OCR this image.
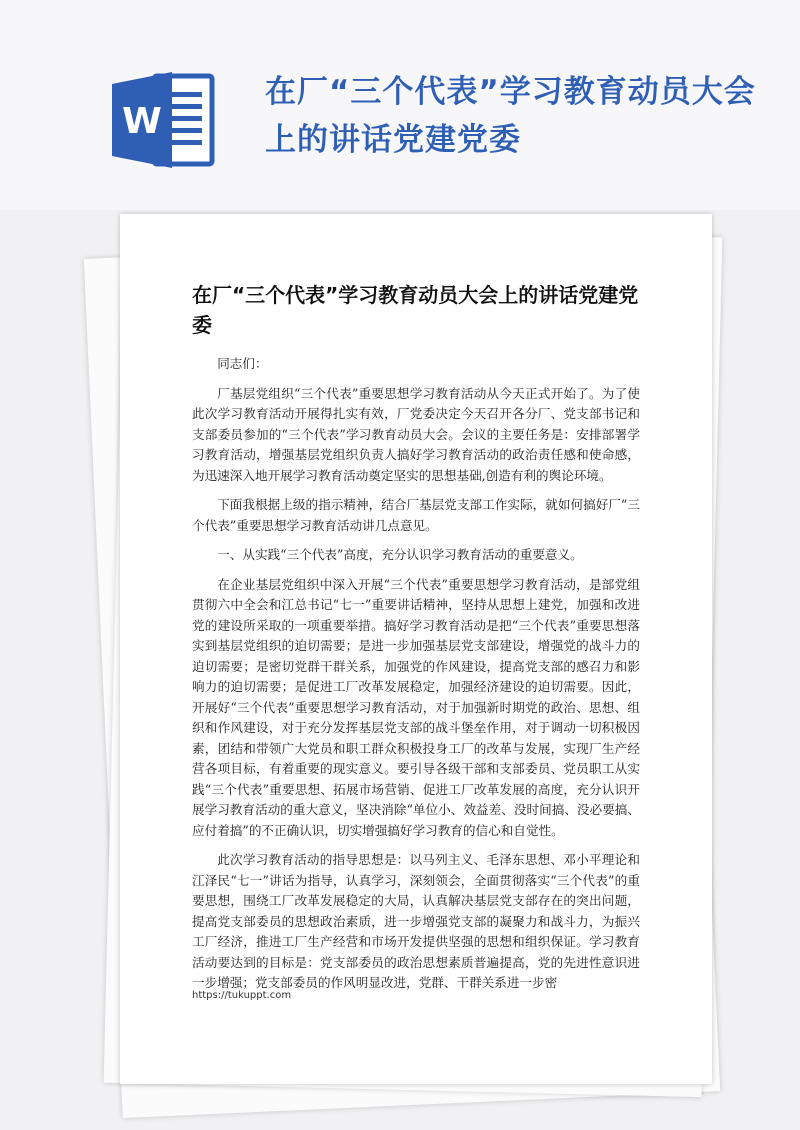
W
在厂“三个代表”学习教育动员大会上的讲话党建党委
在厂“三个代表”学习教育动员大会上的讲话党建党委

同志们：

厂基层党组织“三个代表”重要思想学习教育活动从今天正式开始了。为了使此次学习教育活动开展得扎实有效，厂党委决定今天召开各分厂、党支部书记和支部委员参加的“三个代表”学习教育动员大会。会议的主要任务是：安排部署学习教育活动，增强基层党组织负责人搞好学习教育活动的政治责任感和使命感，为迅速深入地开展学习教育活动奠定坚实的思想基础,创造有利的舆论环境。

下面我根据上级的指示精神，结合厂基层党支部工作实际，就如何搞好厂“三个代表”重要思想学习教育活动讲几点意见。

一、从实践“三个代表”高度，充分认识学习教育活动的重要意义。

在企业基层党组织中深入开展“三个代表”重要思想学习教育活动，是部党组贯彻六中全会和江总书记“七一”重要讲话精神，坚持从思想上建党，加强和改进党的建设所采取的一项重要举措。搞好学习教育活动是把“三个代表”重要思想落实到基层党组织的迫切需要；是进一步加强基层党支部建设，增强党的战斗力的迫切需要；是密切党群干群关系，加强党的作风建设，提高党支部的感召力和影响力的迫切需要；是促进工厂改革发展稳定，加强经济建设的迫切需要。因此，开展好“三个代表”重要思想学习教育活动，对于加强新时期党的政治、思想、组织和作风建设，对于充分发挥基层党支部的战斗堡垒作用，对于调动一切积极因素，团结和带领广大党员和职工群众积极投身工厂的改革与发展，实现厂生产经营各项目标，有着重要的现实意义。要引导各级干部和支部委员、党员职工从实践“三个代表”重要思想、拓展市场营销、促进工厂改革发展的高度，充分认识开展学习教育活动的重大意义，坚决消除“单位小、效益差、没时间搞、没必要搞、应付着搞”的不正确认识，切实增强搞好学习教育的信心和自觉性。

此次学习教育活动的指导思想是：以马列主义、毛泽东思想、邓小平理论和江泽民“七一”讲话为指导，认真学习，深刻领会，全面贯彻落实“三个代表”的重要思想，围绕工厂改革发展稳定的大局，认真解决基层党支部存在的突出问题，提高党支部委员的思想政治素质，进一步增强党支部的凝聚力和战斗力，为振兴工厂经济，推进工厂生产经营和市场开发提供坚强的思想和组织保证。学习教育活动要达到的目标是：党支部委员的政治思想素质普遍提高，党的先进性意识进一步增强；党支部委员的作风明显改进，党群、干群关系进一步密

https://tukuppt.com
